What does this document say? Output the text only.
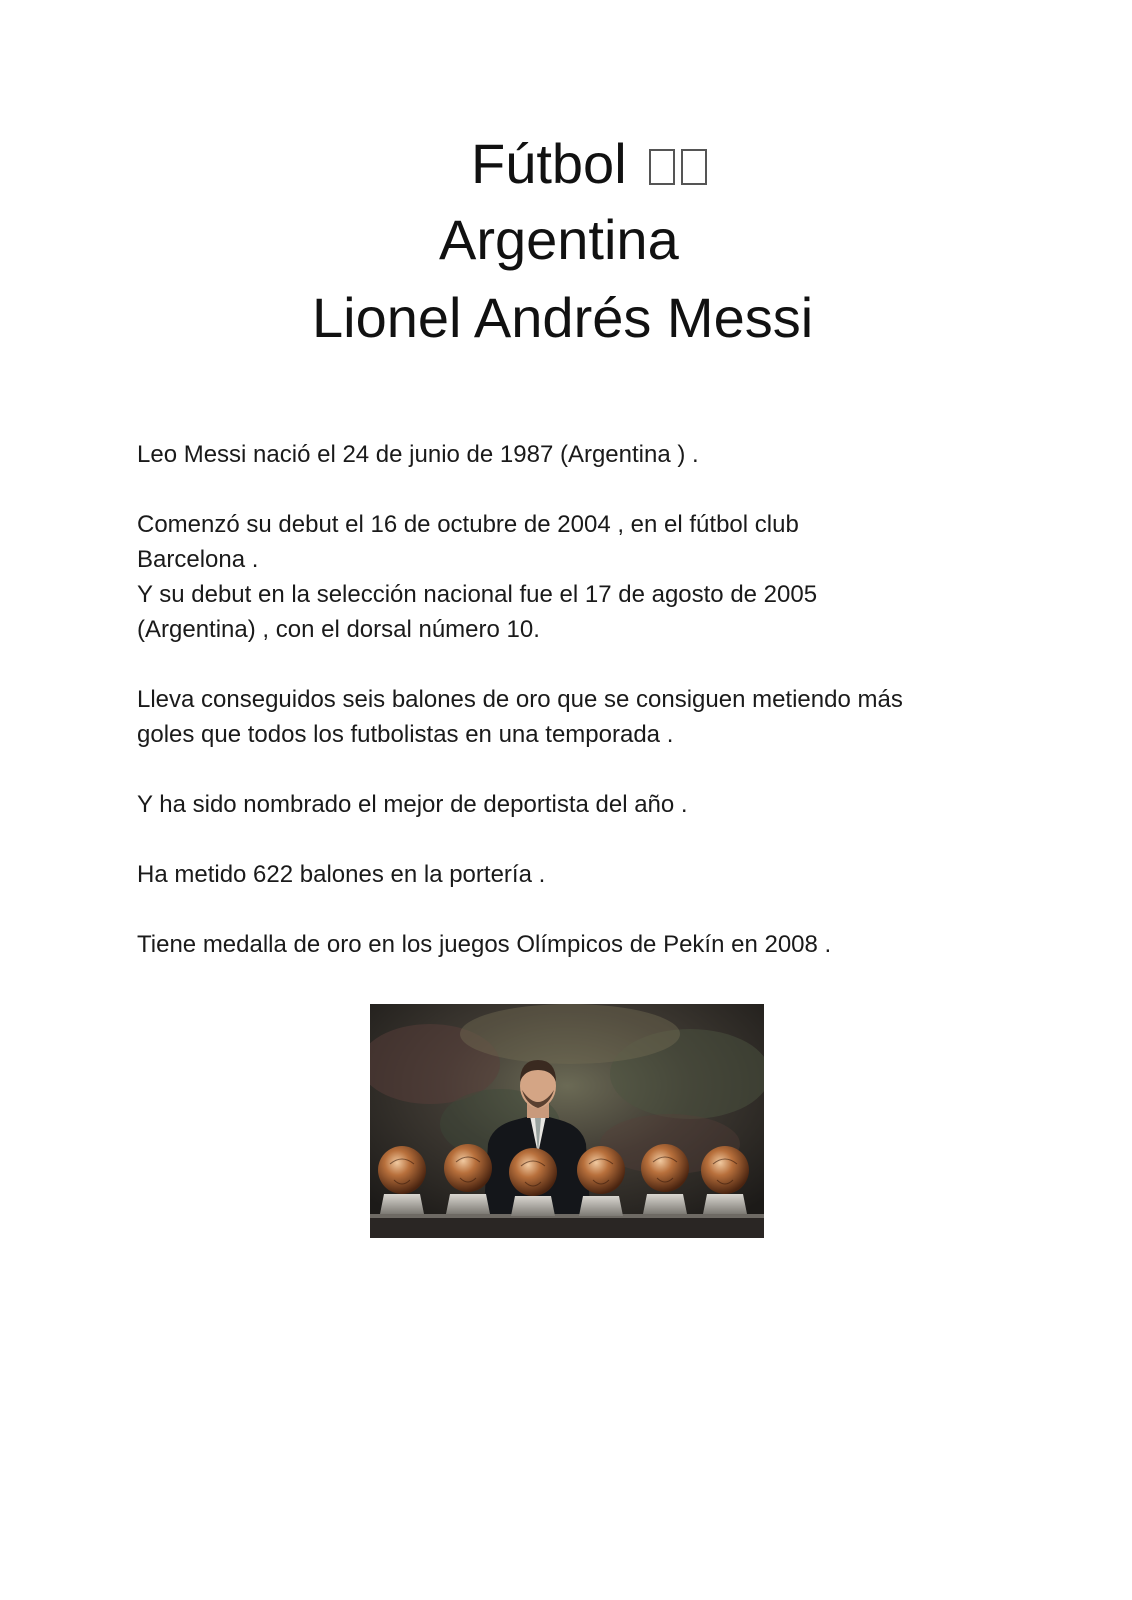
Fútbol
Argentina
Lionel Andrés Messi

Leo Messi nació el 24 de junio de 1987 (Argentina ) .

Comenzó su debut el 16 de octubre de 2004 , en el fútbol club

Barcelona .

Y su debut en la selección nacional fue el 17 de agosto de 2005

(Argentina) , con el dorsal número 10.

Lleva conseguidos seis balones de oro que se consiguen metiendo más

goles que todos los futbolistas en una temporada .

Y ha sido nombrado el mejor de deportista del año .

Ha metido 622 balones en la portería .

Tiene medalla de oro en los juegos Olímpicos de Pekín en 2008 .
